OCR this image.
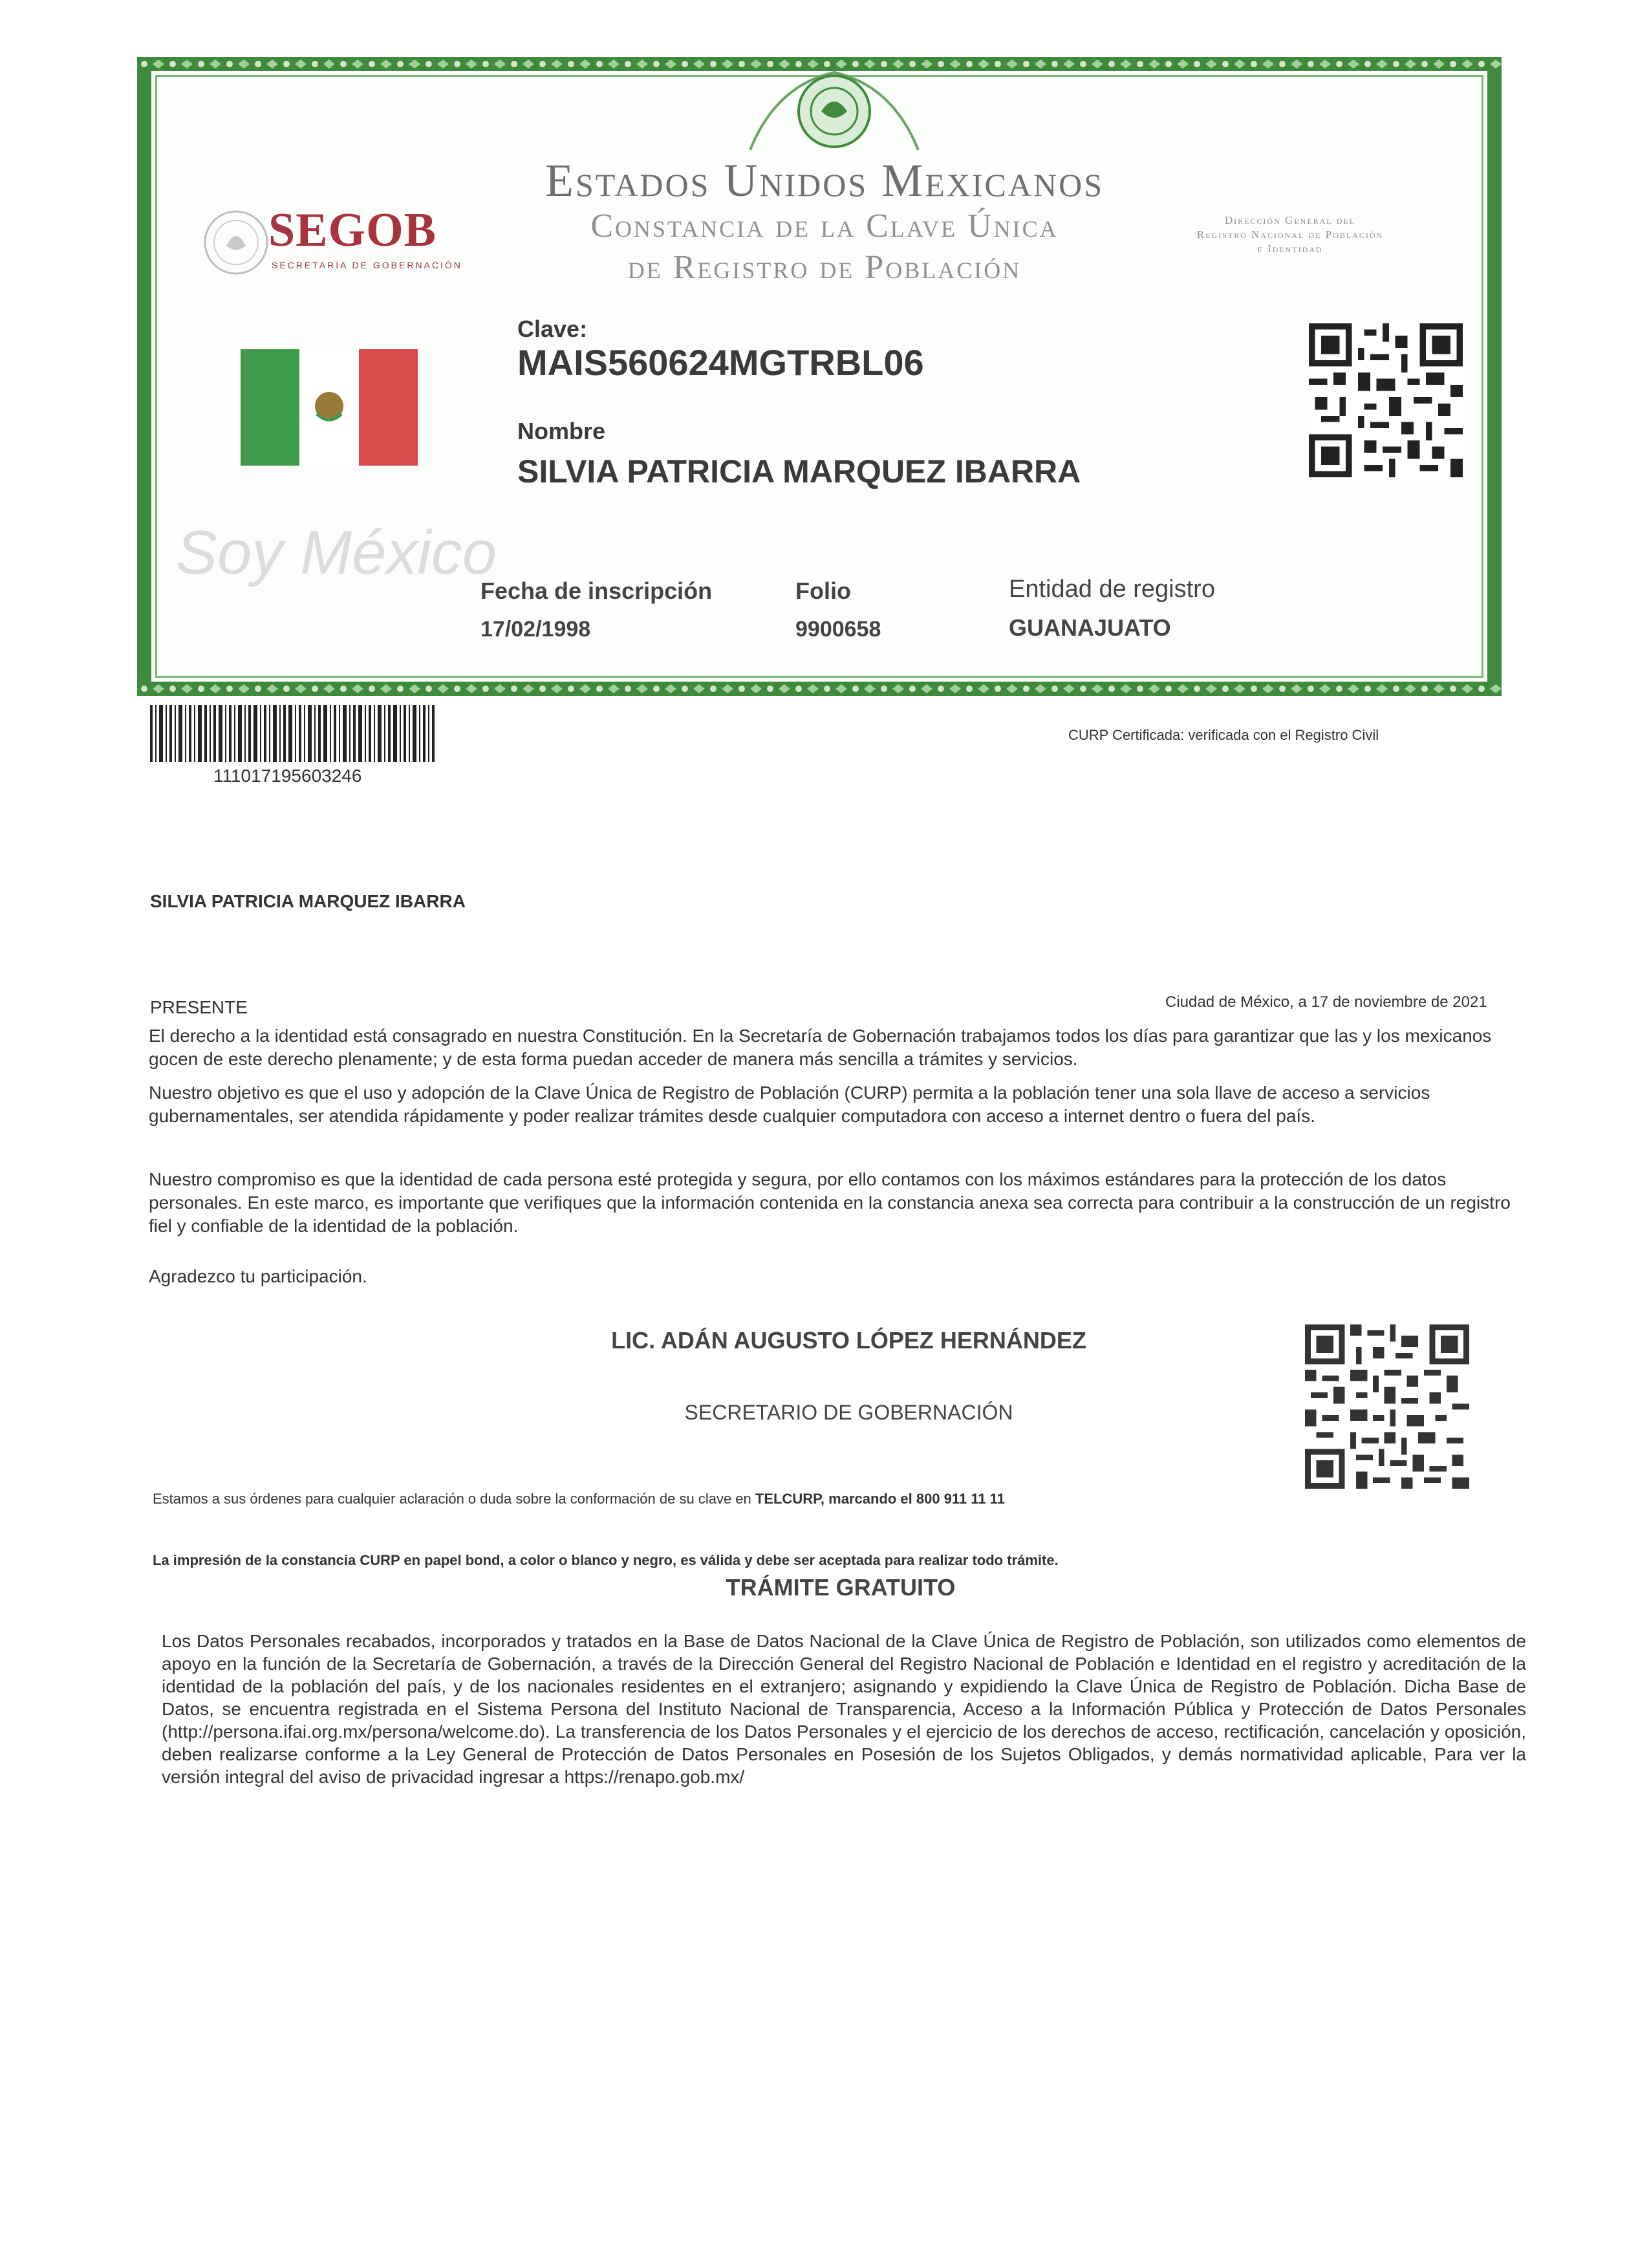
SEGOB
SECRETARÍA DE GOBERNACIÓN
Estados Unidos Mexicanos
Constancia de la Clave Única
de Registro de Población
Dirección General del
Registro Nacional de Población
e Identidad
Soy México
Clave:
MAIS560624MGTRBL06
Nombre
SILVIA PATRICIA MARQUEZ IBARRA
Fecha de inscripción
17/02/1998
Folio
9900658
Entidad de registro
GUANAJUATO
111017195603246
CURP Certificada: verificada con el Registro Civil
SILVIA PATRICIA MARQUEZ IBARRA
PRESENTE	Ciudad de México, a 17 de noviembre de 2021
El derecho a la identidad está consagrado en nuestra Constitución. En la Secretaría de Gobernación trabajamos todos los días para garantizar que las y los mexicanos gocen de este derecho plenamente; y de esta forma puedan acceder de manera más sencilla a trámites y servicios.
Nuestro objetivo es que el uso y adopción de la Clave Única de Registro de Población (CURP) permita a la población tener una sola llave de acceso a servicios gubernamentales, ser atendida rápidamente y poder realizar trámites desde cualquier computadora con acceso a internet dentro o fuera del país.
Nuestro compromiso es que la identidad de cada persona esté protegida y segura, por ello contamos con los máximos estándares para la protección de los datos personales. En este marco, es importante que verifiques que la información contenida en la constancia anexa sea correcta para contribuir a la construcción de un registro fiel y confiable de la identidad de la población.
Agradezco tu participación.
LIC. ADÁN AUGUSTO LÓPEZ HERNÁNDEZ
SECRETARIO DE GOBERNACIÓN
Estamos a sus órdenes para cualquier aclaración o duda sobre la conformación de su clave en TELCURP, marcando el 800 911 11 11
La impresión de la constancia CURP en papel bond, a color o blanco y negro, es válida y debe ser aceptada para realizar todo trámite.
TRÁMITE GRATUITO
Los Datos Personales recabados, incorporados y tratados en la Base de Datos Nacional de la Clave Única de Registro de Población, son utilizados como elementos de apoyo en la función de la Secretaría de Gobernación, a través de la Dirección General del Registro Nacional de Población e Identidad en el registro y acreditación de la identidad de la población del país, y de los nacionales residentes en el extranjero; asignando y expidiendo la Clave Única de Registro de Población. Dicha Base de Datos, se encuentra registrada en el Sistema Persona del Instituto Nacional de Transparencia, Acceso a la Información Pública y Protección de Datos Personales (http://persona.ifai.org.mx/persona/welcome.do). La transferencia de los Datos Personales y el ejercicio de los derechos de acceso, rectificación, cancelación y oposición, deben realizarse conforme a la Ley General de Protección de Datos Personales en Posesión de los Sujetos Obligados, y demás normatividad aplicable, Para ver la versión integral del aviso de privacidad ingresar a https://renapo.gob.mx/
